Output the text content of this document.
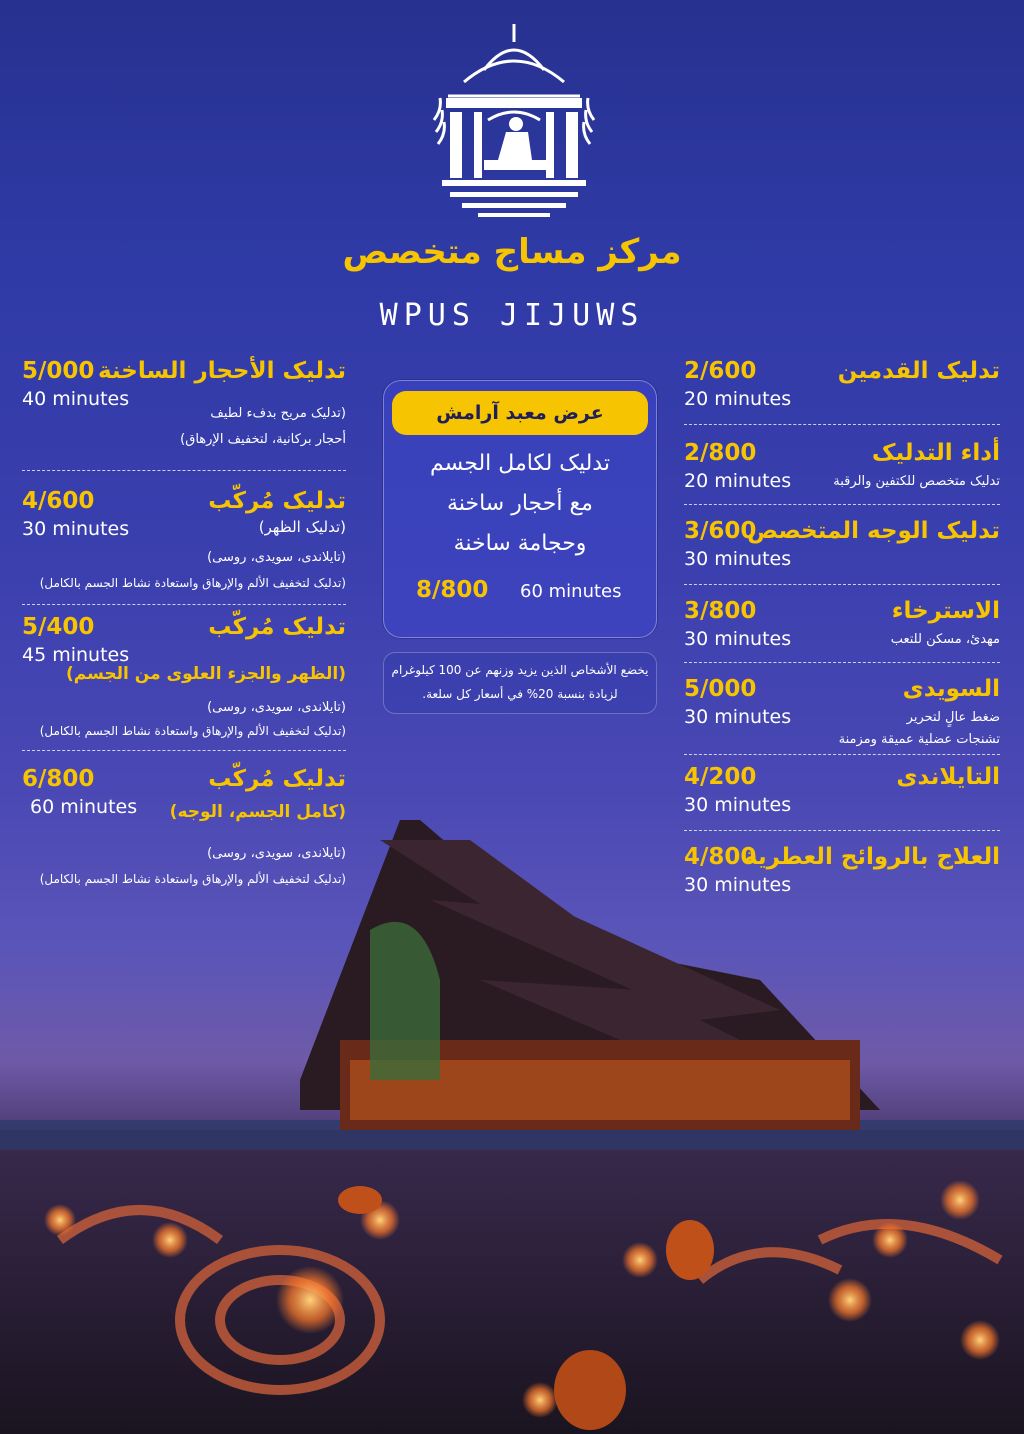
مركز مساج متخصص
WPUS JIJUWS
تدليک الأحجار الساخنة
5/000
40 minutes
(تدليک مريح بدفء لطيف
أحجار برکانية، لتخفيف الإرهاق)
تدليک مُرکّب
4/600
30 minutes	(تدليک الظهر)
(تايلاندی، سويدی، روسی)
(تدليک لتخفيف الألم والإرهاق واستعادة نشاط الجسم بالکامل)
تدليک مُرکّب
5/400
45 minutes
(الظهر والجزء العلوی من الجسم)
(تايلاندی، سويدی، روسی)
(تدليک لتخفيف الألم والإرهاق واستعادة نشاط الجسم بالکامل)
تدليک مُرکّب
6/800
60 minutes (کامل الجسم، الوجه)
(تايلاندی، سويدی، روسی)
(تدليک لتخفيف الألم والإرهاق واستعادة نشاط الجسم بالکامل)
عرض معبد آرامش
تدليک لکامل الجسم
مع أحجار ساخنة
وحجامة ساخنة
8/800 60 minutes
يخضع الأشخاص الذين يزيد وزنهم عن 100 کيلوغرام
لزيادة بنسبة 20% في أسعار کل سلعة.
تدليک القدمين
2/600
20 minutes
أداء التدليک
2/800
20 minutes	تدليک متخصص للکتفين والرقبة
تدليک الوجه المتخصص
3/600
30 minutes
الاسترخاء
3/800
30 minutes	مهدئ، مسکن للتعب
السويدی
5/000
30 minutes	ضغط عالٍ لتحرير
تشنجات عضلية عميقة ومزمنة
التايلاندی
4/200
30 minutes
العلاج بالروائح العطرية
4/800
30 minutes
